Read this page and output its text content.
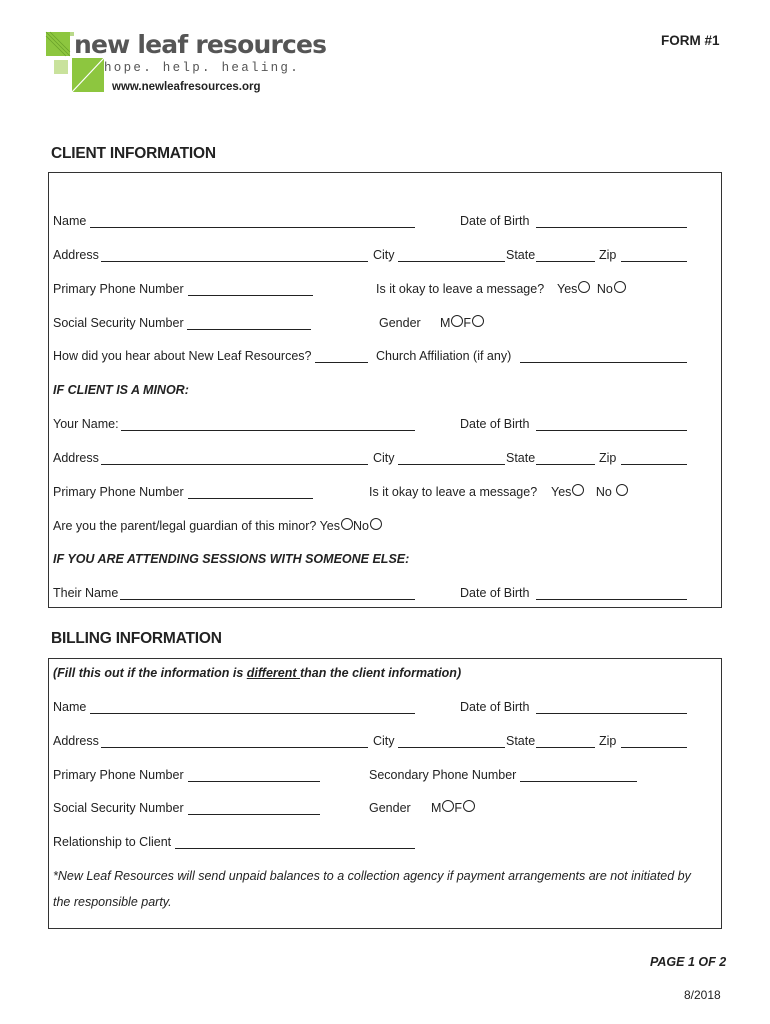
new leaf resources
hope. help. healing.
www.newleafresources.org
FORM #1
CLIENT INFORMATION
Name	Date of Birth
Address	City	State	Zip
Primary Phone Number	Is it okay to leave a message? Yes No
Social Security Number	Gender M F
How did you hear about New Leaf Resources?	Church Affiliation (if any)
IF CLIENT IS A MINOR:
Your Name:	Date of Birth
Address	City	State	Zip
Primary Phone Number	Is it okay to leave a message? Yes No
Are you the parent/legal guardian of this minor? Yes No
IF YOU ARE ATTENDING SESSIONS WITH SOMEONE ELSE:
Their Name	Date of Birth
BILLING INFORMATION
(Fill this out if the information is different than the client information)
Name	Date of Birth
Address	City	State	Zip
Primary Phone Number	Secondary Phone Number
Social Security Number	Gender M F
Relationship to Client
*New Leaf Resources will send unpaid balances to a collection agency if payment arrangements are not initiated by
the responsible party.
PAGE 1 OF 2
8/2018
